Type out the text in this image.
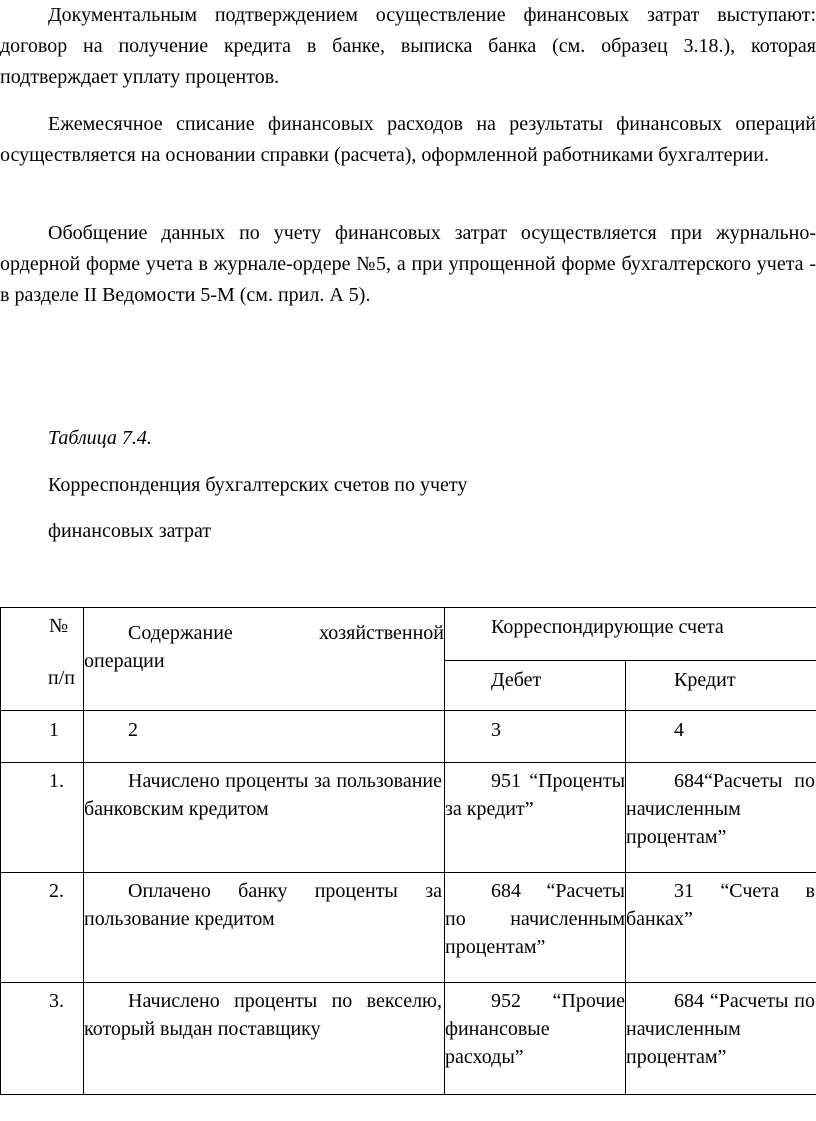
Документальным подтверждением осуществление финансовых затрат выступают: договор на получение кредита в банке, выписка банка (см. образец 3.18.), которая подтверждает уплату процентов.

Ежемесячное списание финансовых расходов на результаты финансовых операций осуществляется на основании справки (расчета), оформленной работниками бухгалтерии.

Обобщение данных по учету финансовых затрат осуществляется при журнально-ордерной форме учета в журнале-ордере №5, а при упрощенной форме бухгалтерского учета - в разделе II Ведомости 5-М (см. прил. А 5).

Таблица 7.4.

Корреспонденция бухгалтерских счетов по учету

финансовых затрат

№
п/п	Содержание хозяйственной операции	Корреспондирующие счета	

		Дебет	Кредит

1	2	3	4

1.	Начислено проценты за пользование банковским кредитом	951 “Проценты за кредит”	684“Расчеты по начисленным процентам”

2.	Оплачено банку проценты за пользование кредитом	684 “Расчеты по начисленным процентам”	31 “Счета в банках”

3.	Начислено проценты по векселю, который выдан поставщику	952 “Прочие финансовые расходы”	684 “Расчеты по начисленным процентам”
